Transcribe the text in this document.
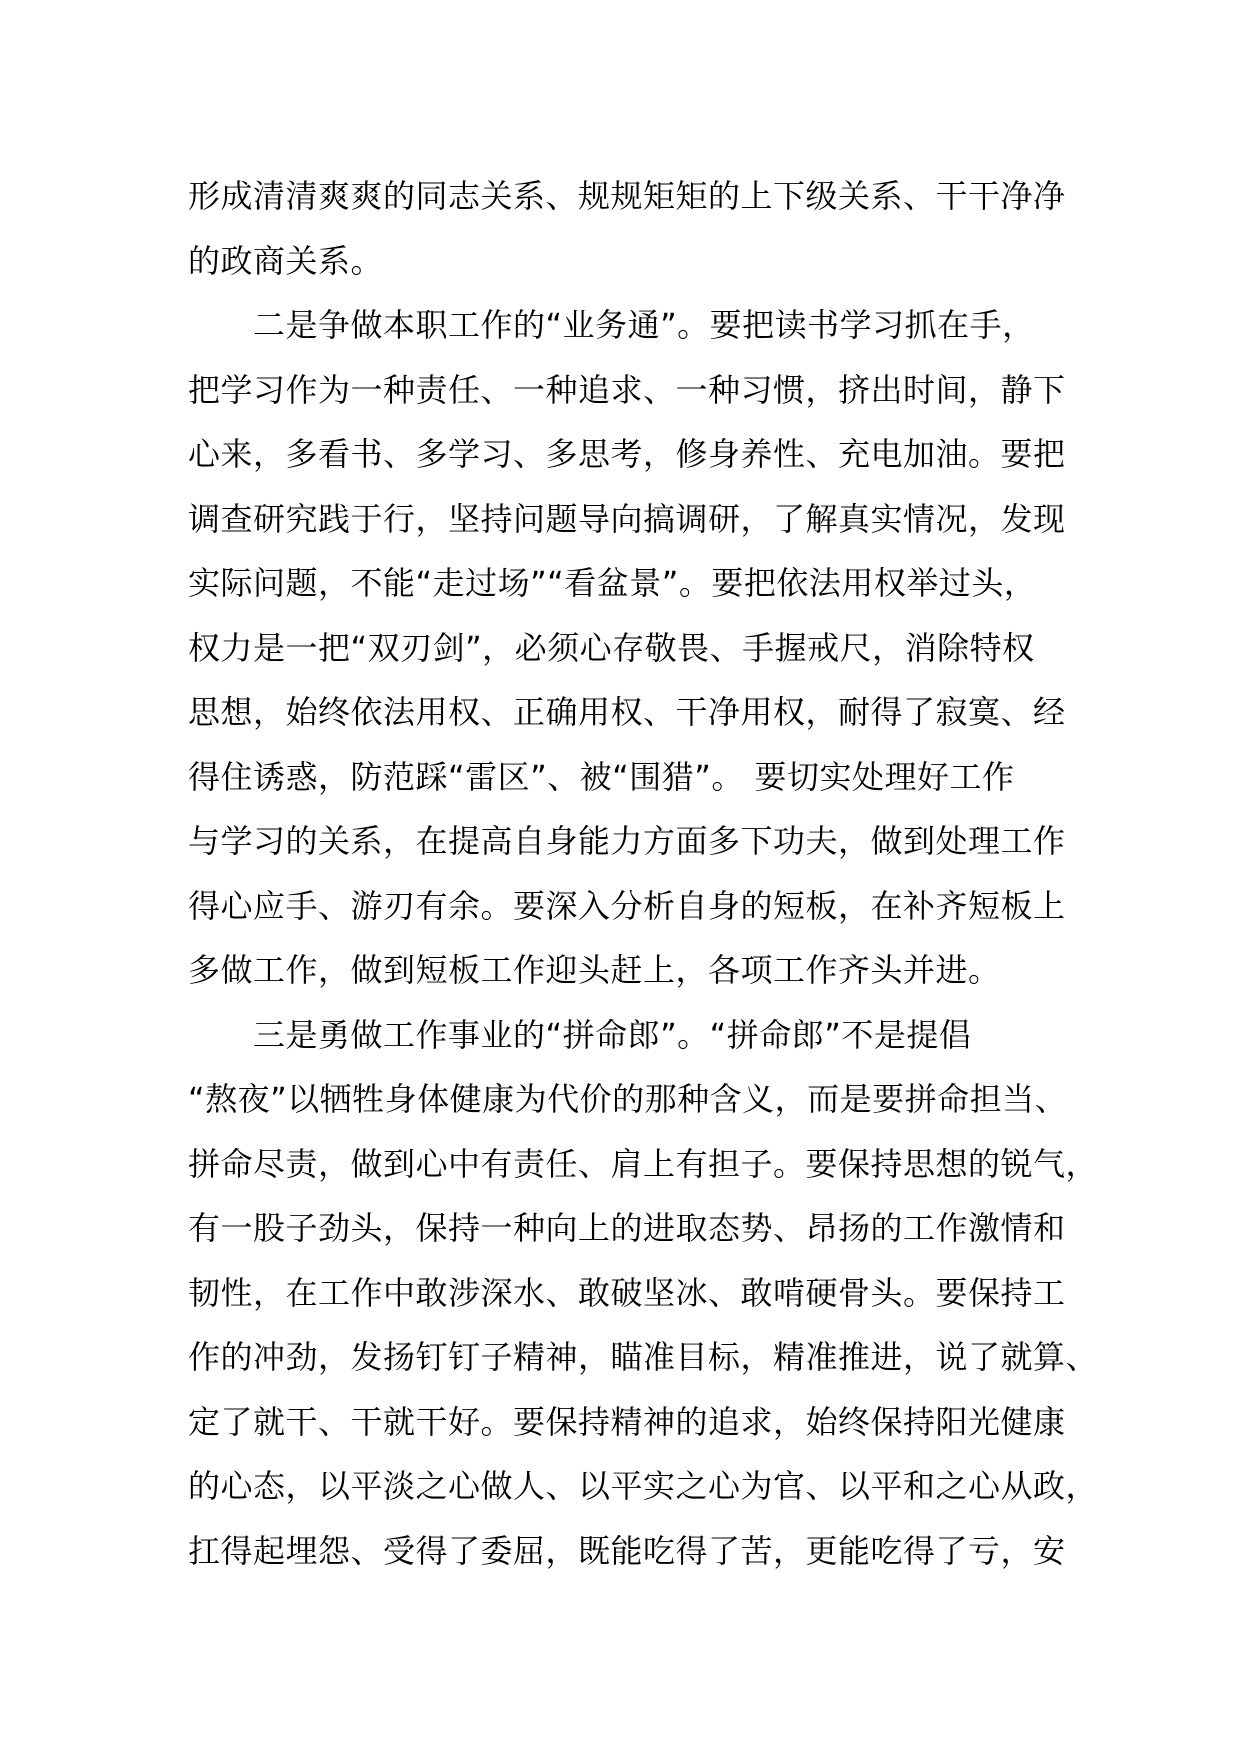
形成清清爽爽的同志关系、规规矩矩的上下级关系、干干净净
的政商关系。
　　二是争做本职工作的“业务通”。要把读书学习抓在手，
把学习作为一种责任、一种追求、一种习惯，挤出时间，静下
心来，多看书、多学习、多思考，修身养性、充电加油。要把
调查研究践于行，坚持问题导向搞调研，了解真实情况，发现
实际问题，不能“走过场”“看盆景”。要把依法用权举过头，
权力是一把“双刃剑”，必须心存敬畏、手握戒尺，消除特权
思想，始终依法用权、正确用权、干净用权，耐得了寂寞、经
得住诱惑，防范踩“雷区”、被“围猎”。 要切实处理好工作
与学习的关系，在提高自身能力方面多下功夫，做到处理工作
得心应手、游刃有余。要深入分析自身的短板，在补齐短板上
多做工作，做到短板工作迎头赶上，各项工作齐头并进。
　　三是勇做工作事业的“拼命郎”。“拼命郎”不是提倡
“熬夜”以牺牲身体健康为代价的那种含义，而是要拼命担当、
拼命尽责，做到心中有责任、肩上有担子。要保持思想的锐气，
有一股子劲头，保持一种向上的进取态势、昂扬的工作激情和
韧性，在工作中敢涉深水、敢破坚冰、敢啃硬骨头。要保持工
作的冲劲，发扬钉钉子精神，瞄准目标，精准推进，说了就算、
定了就干、干就干好。要保持精神的追求，始终保持阳光健康
的心态，以平淡之心做人、以平实之心为官、以平和之心从政，
扛得起埋怨、受得了委屈，既能吃得了苦，更能吃得了亏，安
